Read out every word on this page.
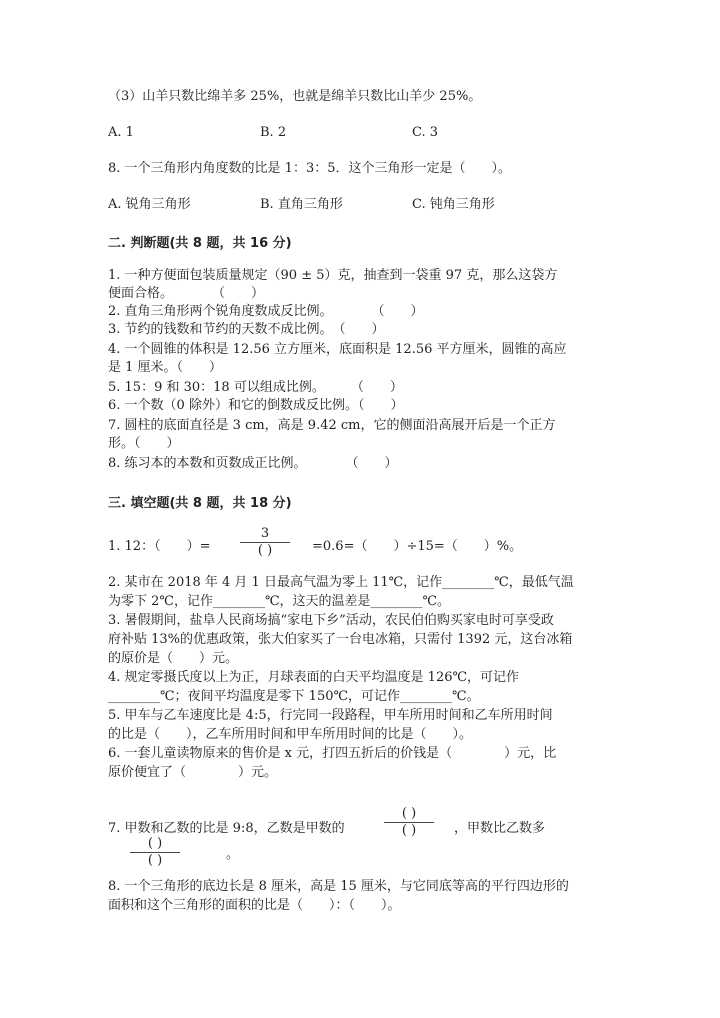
（3）山羊只数比绵羊多 25%，也就是绵羊只数比山羊少 25%。
A. 1	B. 2	C. 3
8. 一个三角形内角度数的比是 1：3：5．这个三角形一定是（　　）。
A. 锐角三角形	B. 直角三角形	C. 钝角三角形
二. 判断题(共 8 题，共 16 分)
1. 一种方便面包装质量规定（90 ± 5）克，抽查到一袋重 97 克，那么这袋方
便面合格。　　　　（　　）
2. 直角三角形两个锐角度数成反比例。　　　　（　　）
3. 节约的钱数和节约的天数不成比例。　（　　）
4. 一个圆锥的体积是 12.56 立方厘米，底面积是 12.56 平方厘米，圆锥的高应
是 1 厘米。（　　）
5. 15：9 和 30：18 可以组成比例。　　　（　　）
6. 一个数（0 除外）和它的倒数成反比例。（　　）
7. 圆柱的底面直径是 3 cm，高是 9.42 cm，它的侧面沿高展开后是一个正方
形。（　　）
8. 练习本的本数和页数成正比例。　　　　（　　）
三. 填空题(共 8 题，共 18 分)
1. 12：（　　）=
3
( )	=0.6=（　　）÷15=（　　）%。
2. 某市在 2018 年 4 月 1 日最高气温为零上 11℃，记作________℃，最低气温
为零下 2℃，记作________℃，这天的温差是________℃。
3. 暑假期间，盐阜人民商场搞“家电下乡”活动，农民伯伯购买家电时可享受政
府补贴 13%的优惠政策，张大伯家买了一台电冰箱，只需付 1392 元，这台冰箱
的原价是（　　）元。
4. 规定零摄氏度以上为正，月球表面的白天平均温度是 126℃，可记作
________℃；夜间平均温度是零下 150℃，可记作________℃。
5. 甲车与乙车速度比是 4:5，行完同一段路程，甲车所用时间和乙车所用时间
的比是（　　），乙车所用时间和甲车所用时间的比是（　　）。
6. 一套儿童读物原来的售价是 x 元，打四五折后的价钱是（　　　　）元，比
原价便宜了（　　　　）元。
7. 甲数和乙数的比是 9:8，乙数是甲数的
( )
( )	，甲数比乙数多
( )
( )	。
8. 一个三角形的底边长是 8 厘米，高是 15 厘米，与它同底等高的平行四边形的
面积和这个三角形的面积的比是（　　）：（　　）。
